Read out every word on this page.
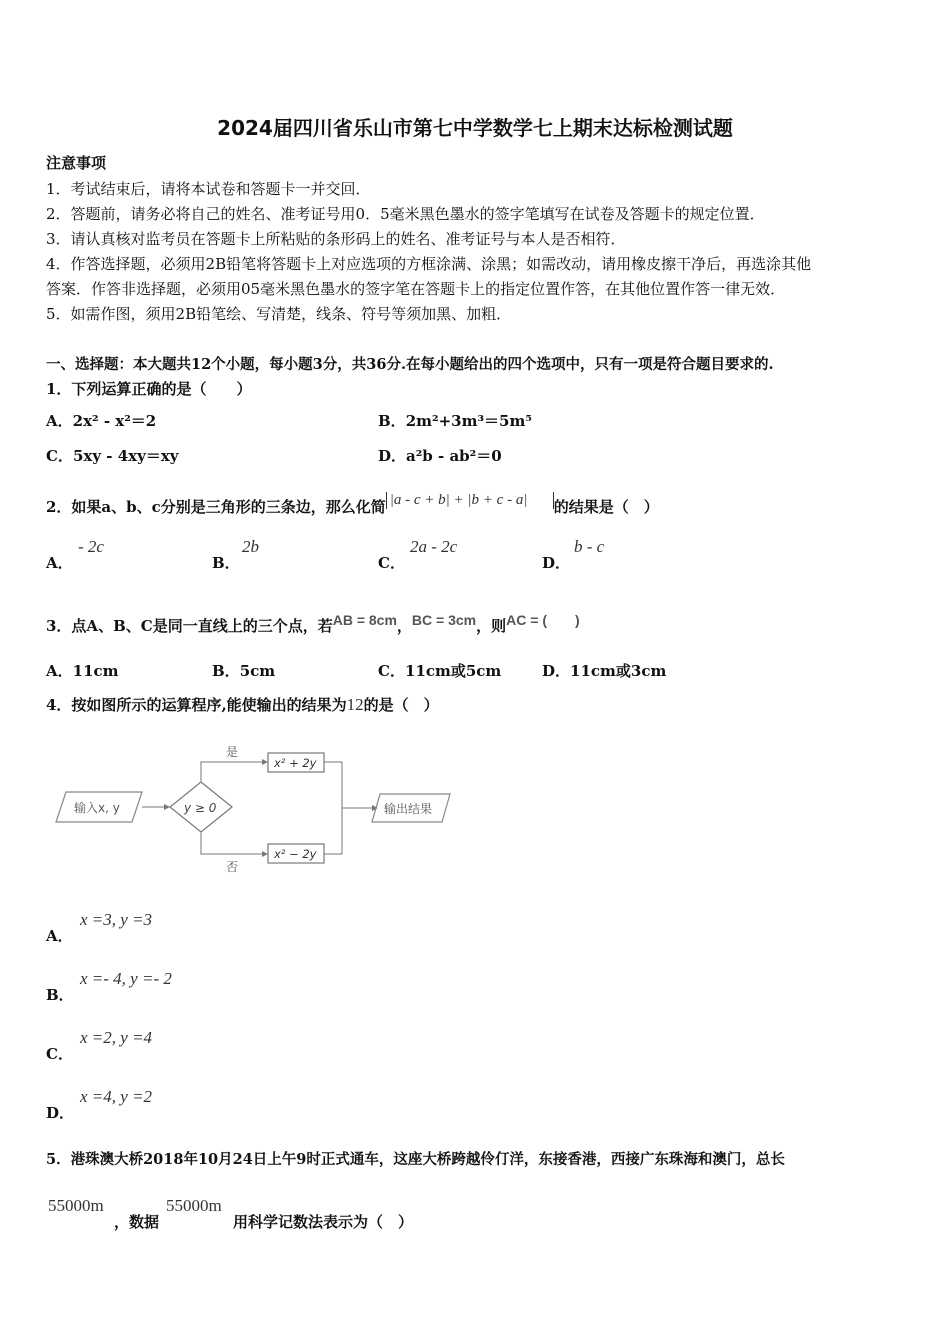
2024届四川省乐山市第七中学数学七上期末达标检测试题
注意事项
1．考试结束后，请将本试卷和答题卡一并交回．
2．答题前，请务必将自己的姓名、准考证号用0．5毫米黑色墨水的签字笔填写在试卷及答题卡的规定位置．
3．请认真核对监考员在答题卡上所粘贴的条形码上的姓名、准考证号与本人是否相符．
4．作答选择题，必须用2B铅笔将答题卡上对应选项的方框涂满、涂黑；如需改动，请用橡皮擦干净后，再选涂其他
答案．作答非选择题，必须用05毫米黑色墨水的签字笔在答题卡上的指定位置作答，在其他位置作答一律无效．
5．如需作图，须用2B铅笔绘、写清楚，线条、符号等须加黑、加粗．
一、选择题：本大题共12个小题，每小题3分，共36分.在每小题给出的四个选项中，只有一项是符合题目要求的.
1．下列运算正确的是（　　）
A．2x² - x²＝2	B．2m²+3m³＝5m⁵
C．5xy - 4xy＝xy	D．a²b - ab²＝0
2．如果a、b、c分别是三角形的三条边，那么化简 |a - c + b| + |b + c - a| 的结果是（　）
A．
- 2c
B．
2b
C．
2a - 2c
D．
b - c
3．点A、B、C是同一直线上的三个点，若AB = 8cm，BC = 3cm，则AC = (　　)
A．11cm	B．5cm	C．11cm或5cm	D．11cm或3cm
4．按如图所示的运算程序,能使输出的结果为12的是（　）
输入x, y	y ≥ 0
是
x² + 2y
否
x² − 2y
输出结果
A．
x =3, y =3
B．
x =- 4, y =- 2
C．
x =2, y =4
D．
x =4, y =2
5．港珠澳大桥2018年10月24日上午9时正式通车，这座大桥跨越伶仃洋，东接香港，西接广东珠海和澳门，总长
55000m
，数据
55000m
用科学记数法表示为（　）
